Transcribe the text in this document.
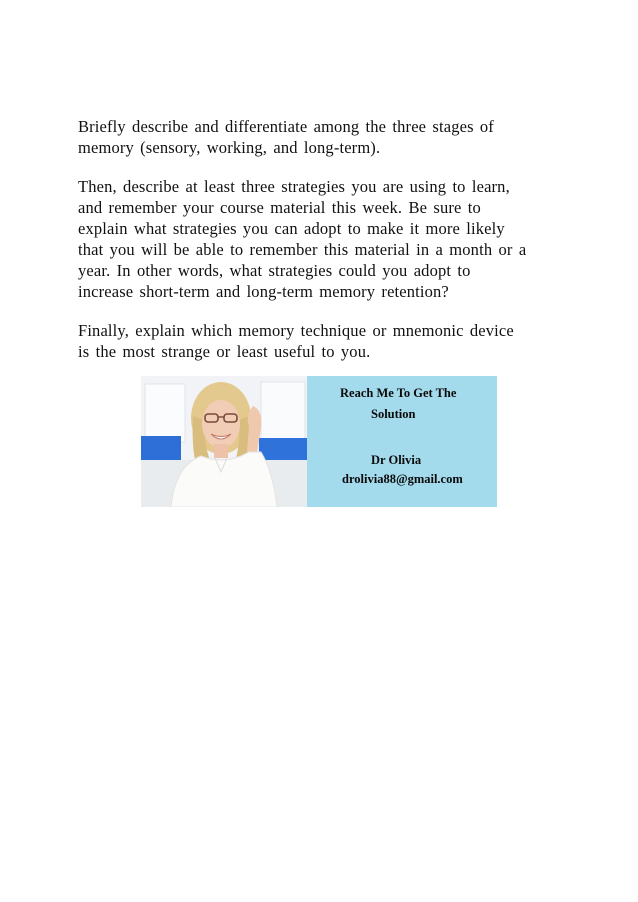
Briefly describe and differentiate among the three stages of
memory (sensory, working, and long-term).

Then, describe at least three strategies you are using to learn,
and remember your course material this week. Be sure to
explain what strategies you can adopt to make it more likely
that you will be able to remember this material in a month or a
year. In other words, what strategies could you adopt to
increase short-term and long-term memory retention?

Finally, explain which memory technique or mnemonic device
is the most strange or least useful to you.

Reach Me To Get The
Solution
Dr Olivia
drolivia88@gmail.com
